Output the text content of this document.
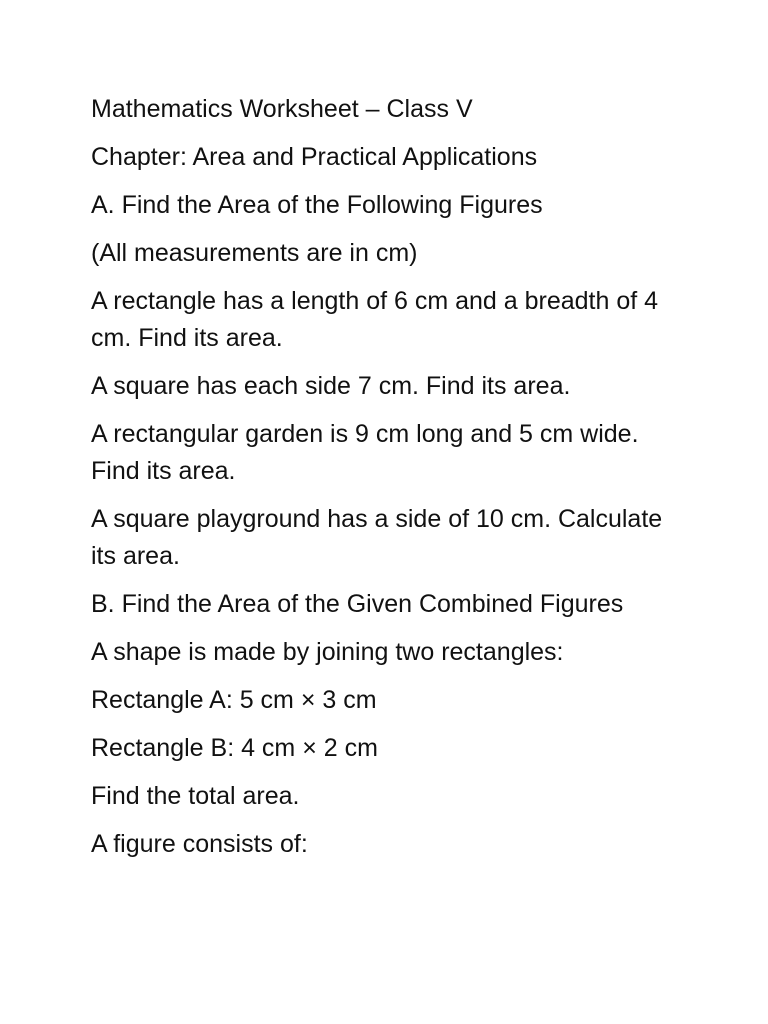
Mathematics Worksheet – Class V

Chapter: Area and Practical Applications

A. Find the Area of the Following Figures

(All measurements are in cm)

A rectangle has a length of 6 cm and a breadth of 4 cm. Find its area.

A square has each side 7 cm. Find its area.

A rectangular garden is 9 cm long and 5 cm wide. Find its area.

A square playground has a side of 10 cm. Calculate its area.

B. Find the Area of the Given Combined Figures

A shape is made by joining two rectangles:

Rectangle A: 5 cm × 3 cm

Rectangle B: 4 cm × 2 cm

Find the total area.

A figure consists of:
